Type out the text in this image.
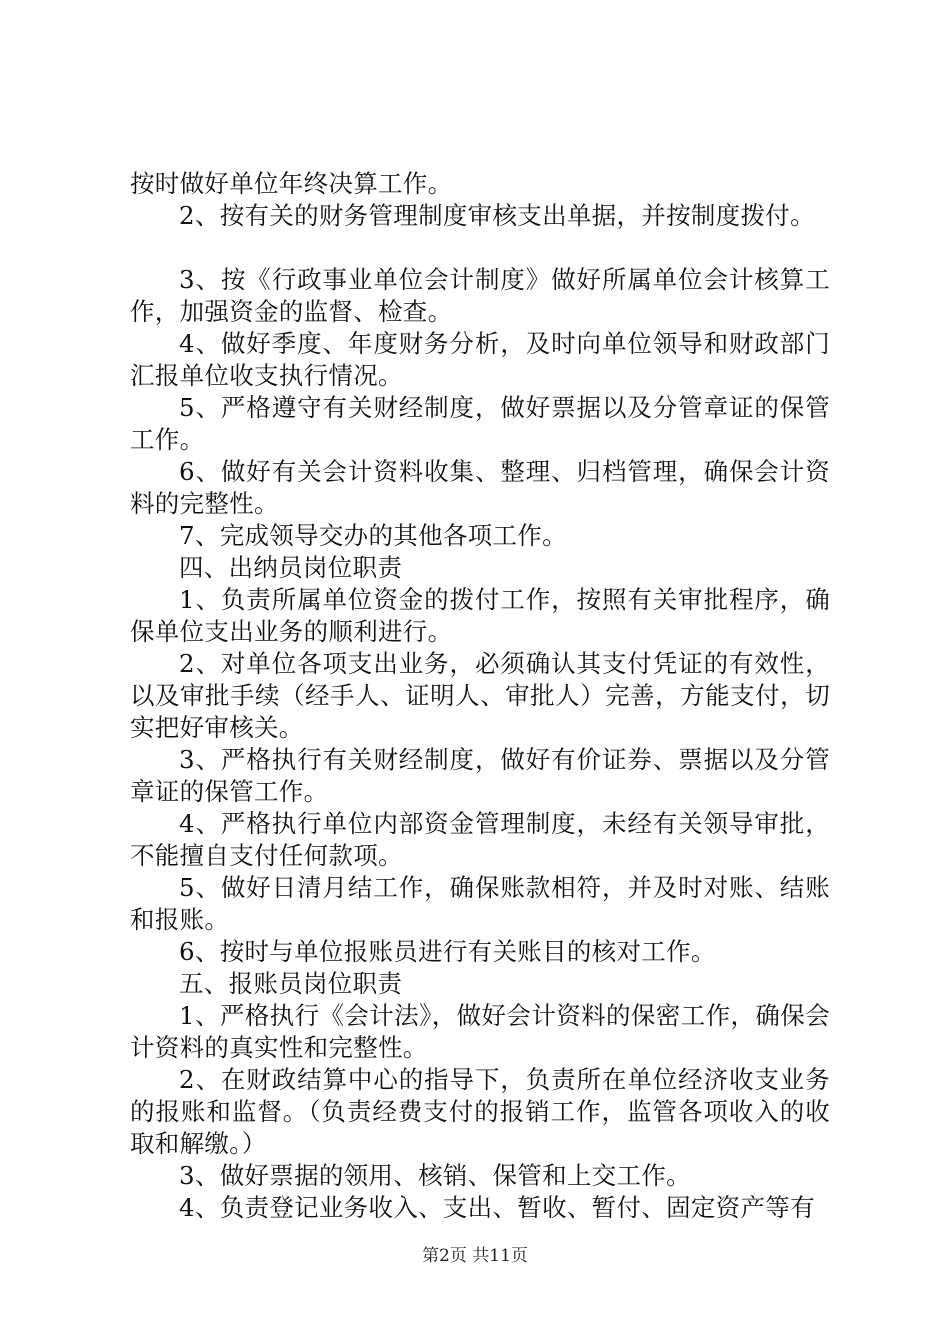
按时做好单位年终决算工作。

2、按有关的财务管理制度审核支出单据，并按制度拨付。

3、按《行政事业单位会计制度》做好所属单位会计核算工作，加强资金的监督、检查。

4、做好季度、年度财务分析，及时向单位领导和财政部门汇报单位收支执行情况。

5、严格遵守有关财经制度，做好票据以及分管章证的保管工作。

6、做好有关会计资料收集、整理、归档管理，确保会计资料的完整性。

7、完成领导交办的其他各项工作。

四、出纳员岗位职责

1、负责所属单位资金的拨付工作，按照有关审批程序，确保单位支出业务的顺利进行。

2、对单位各项支出业务，必须确认其支付凭证的有效性，以及审批手续（经手人、证明人、审批人）完善，方能支付，切实把好审核关。

3、严格执行有关财经制度，做好有价证券、票据以及分管章证的保管工作。

4、严格执行单位内部资金管理制度，未经有关领导审批，不能擅自支付任何款项。

5、做好日清月结工作，确保账款相符，并及时对账、结账和报账。

6、按时与单位报账员进行有关账目的核对工作。

五、报账员岗位职责

1、严格执行《会计法》，做好会计资料的保密工作，确保会计资料的真实性和完整性。

2、在财政结算中心的指导下，负责所在单位经济收支业务的报账和监督。（负责经费支付的报销工作，监管各项收入的收取和解缴。）

3、做好票据的领用、核销、保管和上交工作。

4、负责登记业务收入、支出、暂收、暂付、固定资产等有

第2页 共11页
